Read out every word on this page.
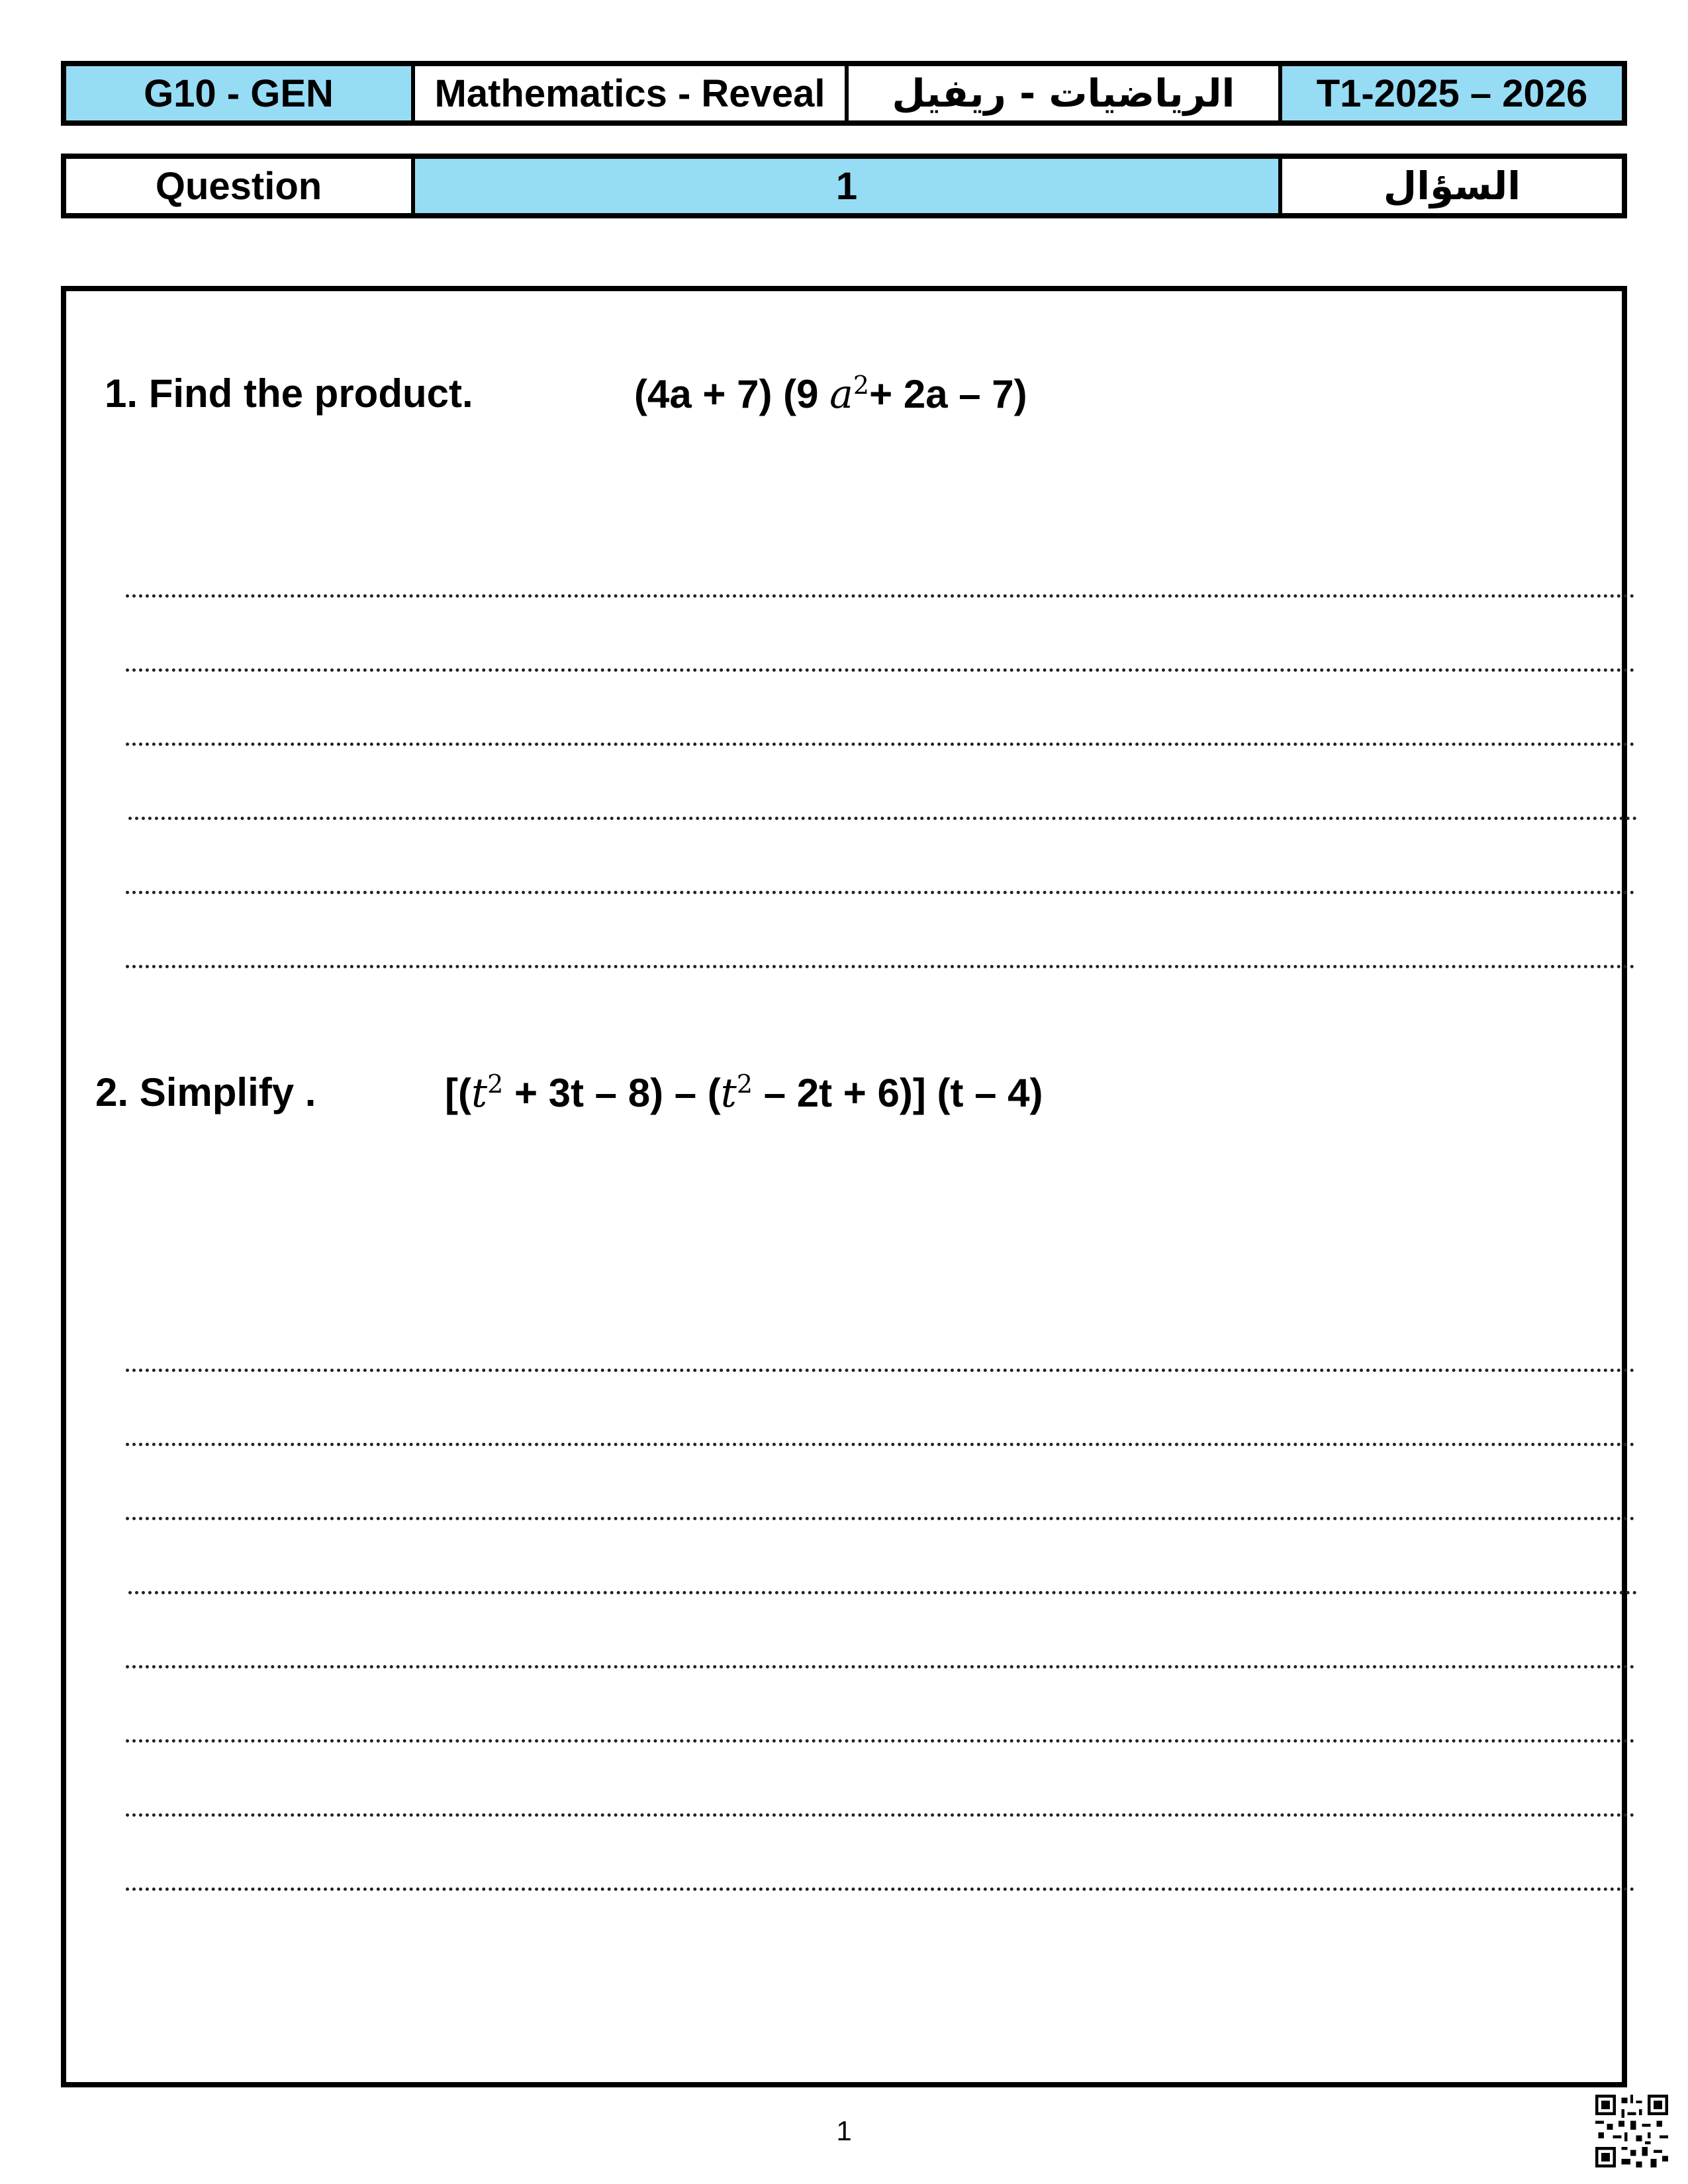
G10 - GEN	Mathematics - Reveal	الرياضيات - ريفيل	T1-2025 – 2026
Question	1	السؤال
1. Find the product.	(4a + 7) (9 $a^2+ 2a - 7$)
2. Simplify .	$[(t^2 + 3t - 8) - (t^2 - 2t + 6)]$ (t – 4)
1
